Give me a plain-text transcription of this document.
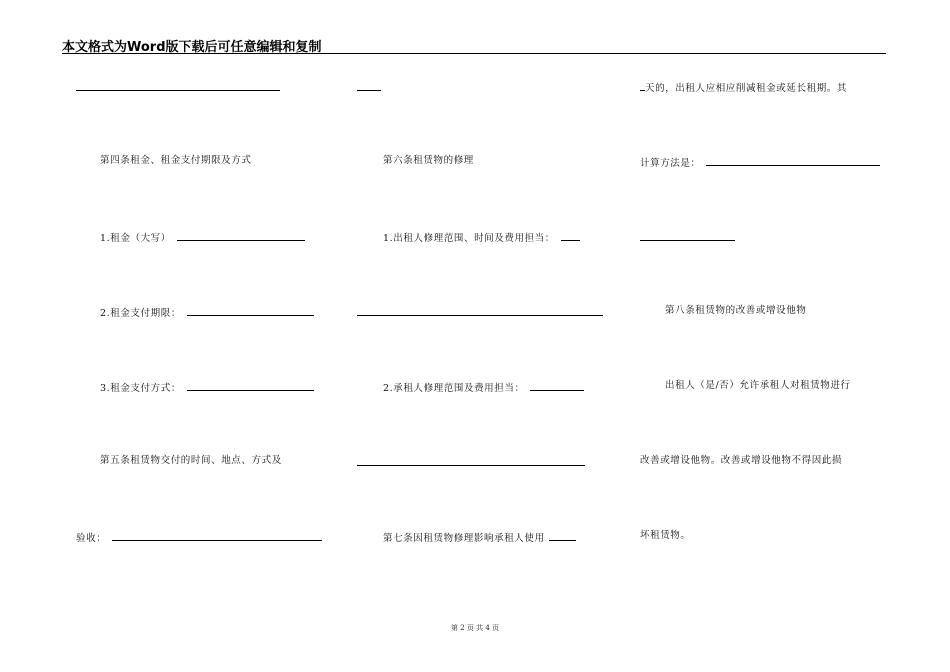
本文格式为Word版下载后可任意编辑和复制
第四条租金、租金支付期限及方式
1.租金（大写）
2.租金支付期限：
3.租金支付方式：
第五条租赁物交付的时间、地点、方式及
验收：
第六条租赁物的修理
1.出租人修理范围、时间及费用担当：
2.承租人修理范围及费用担当：
第七条因租赁物修理影响承租人使用
天的，出租人应相应削减租金或延长租期。其
计算方法是：
第八条租赁物的改善或增设他物
出租人（是/否）允许承租人对租赁物进行
改善或增设他物。改善或增设他物不得因此损
坏租赁物。
第 2 页 共 4 页
